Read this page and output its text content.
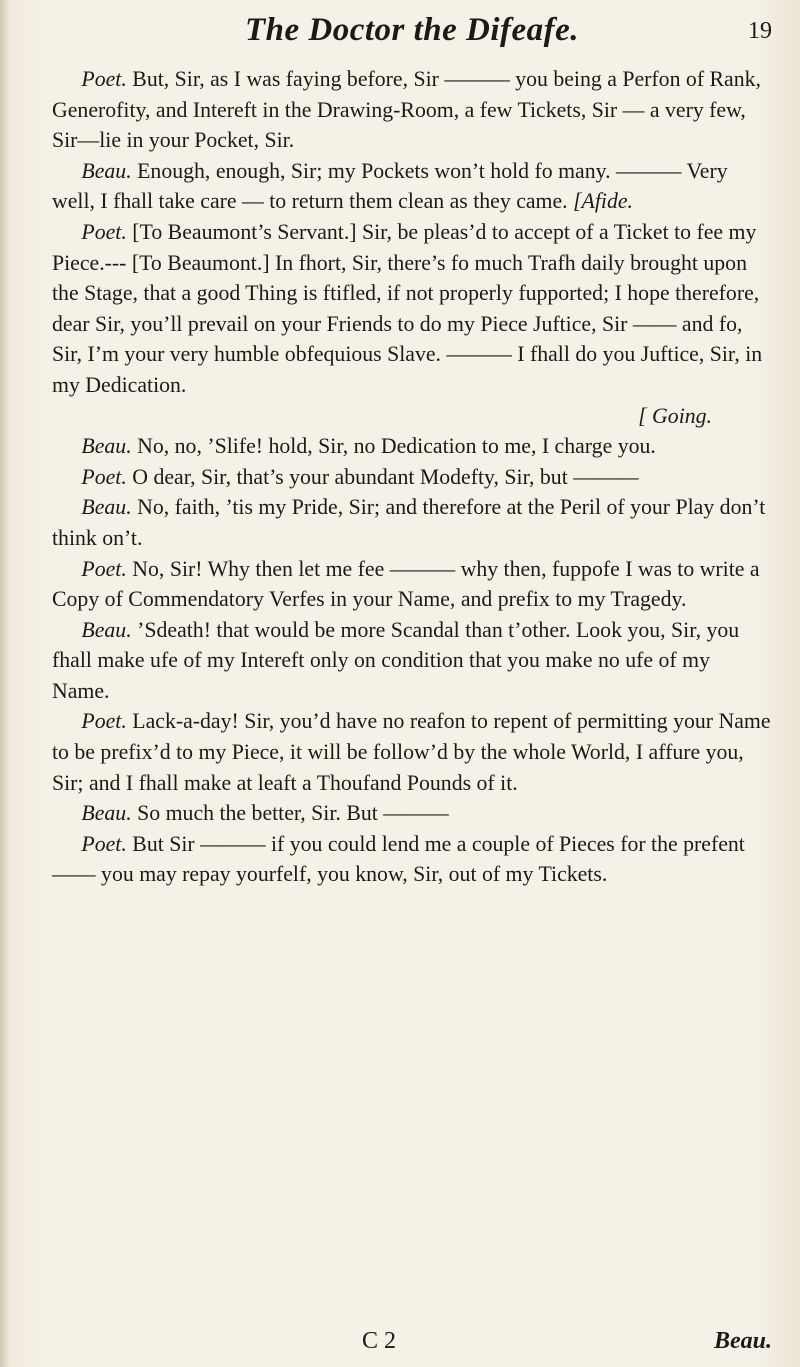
The Doctor the Difeafe.	19

Poet. But, Sir, as I was faying before, Sir ——— you being a Perfon of Rank, Generofity, and Intereft in the Drawing-Room, a few Tickets, Sir — a very few, Sir—lie in your Pocket, Sir.

Beau. Enough, enough, Sir; my Pockets won’t hold fo many. ——— Very well, I fhall take care — to return them clean as they came. [Afide.

Poet. [To Beaumont’s Servant.] Sir, be pleas’d to accept of a Ticket to fee my Piece.--- [To Beaumont.] In fhort, Sir, there’s fo much Trafh daily brought upon the Stage, that a good Thing is ftifled, if not properly fupported; I hope therefore, dear Sir, you’ll prevail on your Friends to do my Piece Juftice, Sir —— and fo, Sir, I’m your very humble obfequious Slave. ——— I fhall do you Juftice, Sir, in my Dedication.

[ Going.

Beau. No, no, ’Slife! hold, Sir, no Dedication to me, I charge you.

Poet. O dear, Sir, that’s your abundant Modefty, Sir, but ———

Beau. No, faith, ’tis my Pride, Sir; and therefore at the Peril of your Play don’t think on’t.

Poet. No, Sir! Why then let me fee ——— why then, fuppofe I was to write a Copy of Commendatory Verfes in your Name, and prefix to my Tragedy.

Beau. ’Sdeath! that would be more Scandal than t’other. Look you, Sir, you fhall make ufe of my Intereft only on condition that you make no ufe of my Name.

Poet. Lack-a-day! Sir, you’d have no reafon to repent of permitting your Name to be prefix’d to my Piece, it will be follow’d by the whole World, I affure you, Sir; and I fhall make at leaft a Thoufand Pounds of it.

Beau. So much the better, Sir. But ———

Poet. But Sir ——— if you could lend me a couple of Pieces for the prefent —— you may repay yourfelf, you know, Sir, out of my Tickets.

C 2	Beau.
